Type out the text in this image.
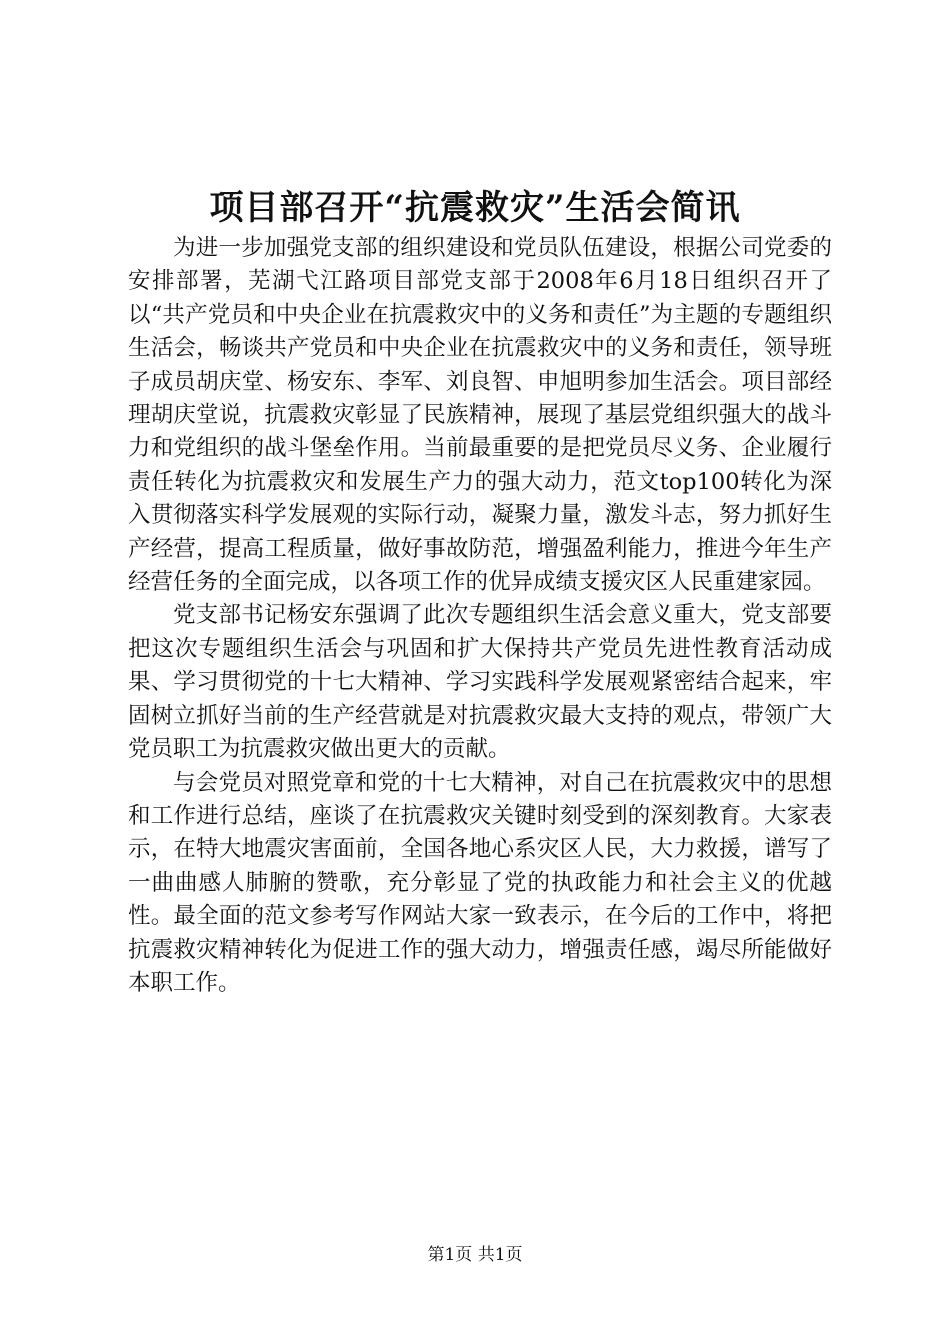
项目部召开“抗震救灾”生活会简讯

为进一步加强党支部的组织建设和党员队伍建设，根据公司党委的安排部署，芜湖弋江路项目部党支部于2008年6月18日组织召开了以“共产党员和中央企业在抗震救灾中的义务和责任”为主题的专题组织生活会，畅谈共产党员和中央企业在抗震救灾中的义务和责任，领导班子成员胡庆堂、杨安东、李军、刘良智、申旭明参加生活会。项目部经理胡庆堂说，抗震救灾彰显了民族精神，展现了基层党组织强大的战斗力和党组织的战斗堡垒作用。当前最重要的是把党员尽义务、企业履行责任转化为抗震救灾和发展生产力的强大动力，范文top100转化为深入贯彻落实科学发展观的实际行动，凝聚力量，激发斗志，努力抓好生产经营，提高工程质量，做好事故防范，增强盈利能力，推进今年生产经营任务的全面完成，以各项工作的优异成绩支援灾区人民重建家园。

党支部书记杨安东强调了此次专题组织生活会意义重大，党支部要把这次专题组织生活会与巩固和扩大保持共产党员先进性教育活动成果、学习贯彻党的十七大精神、学习实践科学发展观紧密结合起来，牢固树立抓好当前的生产经营就是对抗震救灾最大支持的观点，带领广大党员职工为抗震救灾做出更大的贡献。

与会党员对照党章和党的十七大精神，对自己在抗震救灾中的思想和工作进行总结，座谈了在抗震救灾关键时刻受到的深刻教育。大家表示，在特大地震灾害面前，全国各地心系灾区人民，大力救援，谱写了一曲曲感人肺腑的赞歌，充分彰显了党的执政能力和社会主义的优越性。最全面的范文参考写作网站大家一致表示，在今后的工作中，将把抗震救灾精神转化为促进工作的强大动力，增强责任感，竭尽所能做好本职工作。

第1页 共1页
